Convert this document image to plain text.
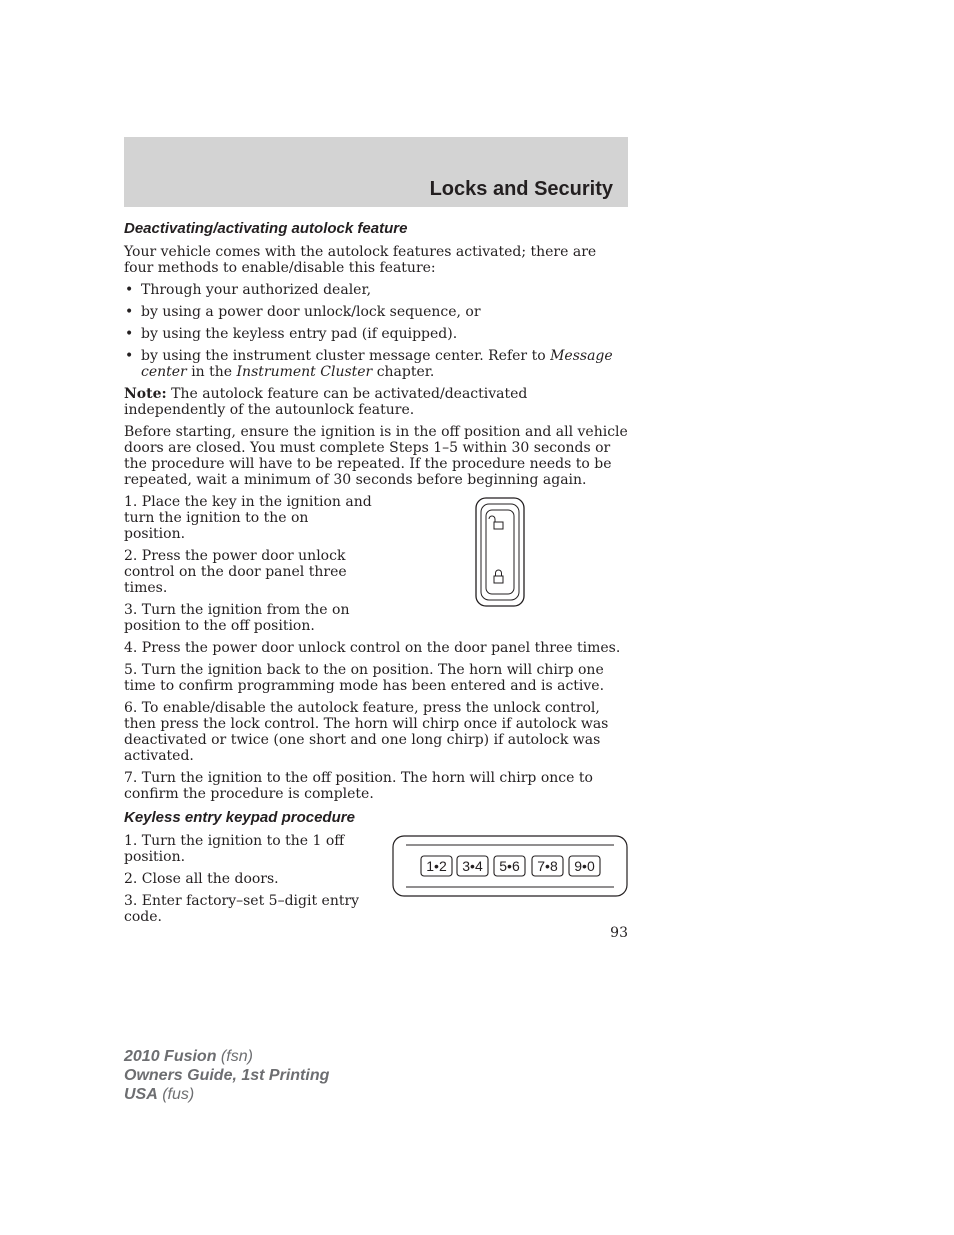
Locks and Security
Deactivating/activating autolock feature

Your vehicle comes with the autolock features activated; there are four methods to enable/disable this feature:

• Through your authorized dealer,
• by using a power door unlock/lock sequence, or
• by using the keyless entry pad (if equipped).
• by using the instrument cluster message center. Refer to Message center in the Instrument Cluster chapter.

Note: The autolock feature can be activated/deactivated independently of the autounlock feature.

Before starting, ensure the ignition is in the off position and all vehicle doors are closed. You must complete Steps 1–5 within 30 seconds or the procedure will have to be repeated. If the procedure needs to be repeated, wait a minimum of 30 seconds before beginning again.

1. Place the key in the ignition and turn the ignition to the on position.

2. Press the power door unlock control on the door panel three times.

3. Turn the ignition from the on position to the off position.

4. Press the power door unlock control on the door panel three times.

5. Turn the ignition back to the on position. The horn will chirp one time to confirm programming mode has been entered and is active.

6. To enable/disable the autolock feature, press the unlock control, then press the lock control. The horn will chirp once if autolock was deactivated or twice (one short and one long chirp) if autolock was activated.

7. Turn the ignition to the off position. The horn will chirp once to confirm the procedure is complete.

Keyless entry keypad procedure

1. Turn the ignition to the 1 off position.

2. Close all the doors.

3. Enter factory–set 5–digit entry code.

1•2 3•4 5•6 7•8 9•0

93

2010 Fusion (fsn)
Owners Guide, 1st Printing
USA (fus)
